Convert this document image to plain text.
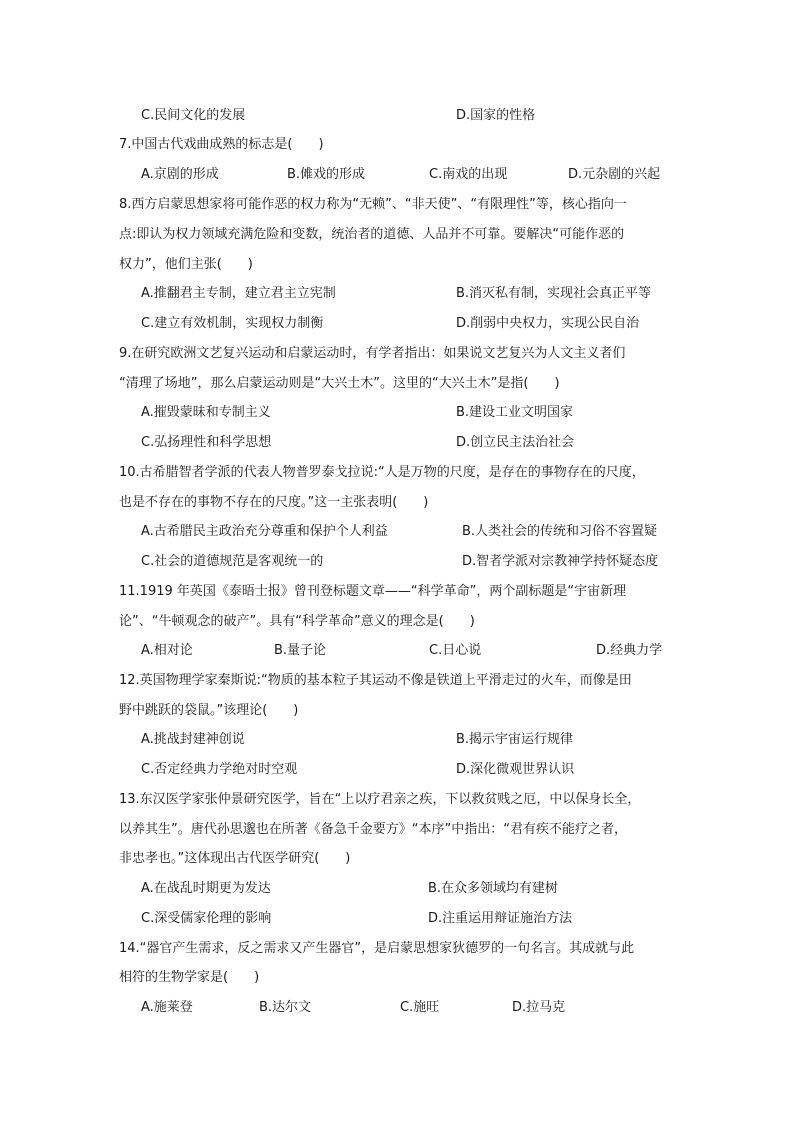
C.民间文化的发展	D.国家的性格
7.中国古代戏曲成熟的标志是(　　)
A.京剧的形成	B.傩戏的形成	C.南戏的出现	D.元杂剧的兴起
8.西方启蒙思想家将可能作恶的权力称为“无赖”、“非天使”、“有限理性”等，核心指向一
点:即认为权力领域充满危险和变数，统治者的道德、人品并不可靠。要解决“可能作恶的
权力”，他们主张(　　)
A.推翻君主专制，建立君主立宪制	B.消灭私有制，实现社会真正平等
C.建立有效机制，实现权力制衡	D.削弱中央权力，实现公民自治
9.在研究欧洲文艺复兴运动和启蒙运动时，有学者指出：如果说文艺复兴为人文主义者们
“清理了场地”，那么启蒙运动则是“大兴土木”。这里的“大兴土木”是指(　　)
A.摧毁蒙昧和专制主义	B.建设工业文明国家
C.弘扬理性和科学思想	D.创立民主法治社会
10.古希腊智者学派的代表人物普罗泰戈拉说:“人是万物的尺度，是存在的事物存在的尺度，
也是不存在的事物不存在的尺度。”这一主张表明(　　)
A.古希腊民主政治充分尊重和保护个人利益	B.人类社会的传统和习俗不容置疑
C.社会的道德规范是客观统一的	D.智者学派对宗教神学持怀疑态度
11.1919 年英国《泰晤士报》曾刊登标题文章——“科学革命”，两个副标题是“宇宙新理
论”、“牛顿观念的破产”。具有“科学革命”意义的理念是(　　)
A.相对论	B.量子论	C.日心说	D.经典力学
12.英国物理学家秦斯说:“物质的基本粒子其运动不像是铁道上平滑走过的火车，而像是田
野中跳跃的袋鼠。”该理论(　　)
A.挑战封建神创说	B.揭示宇宙运行规律
C.否定经典力学绝对时空观	D.深化微观世界认识
13.东汉医学家张仲景研究医学，旨在“上以疗君亲之疾，下以救贫贱之厄，中以保身长全，
以养其生”。唐代孙思邈也在所著《备急千金要方》“本序”中指出：“君有疾不能疗之者，
非忠孝也。”这体现出古代医学研究(　　)
A.在战乱时期更为发达	B.在众多领域均有建树
C.深受儒家伦理的影响	D.注重运用辩证施治方法
14.“器官产生需求，反之需求又产生器官”，是启蒙思想家狄德罗的一句名言。其成就与此
相符的生物学家是(　　)
A.施莱登	B.达尔文	C.施旺	D.拉马克
